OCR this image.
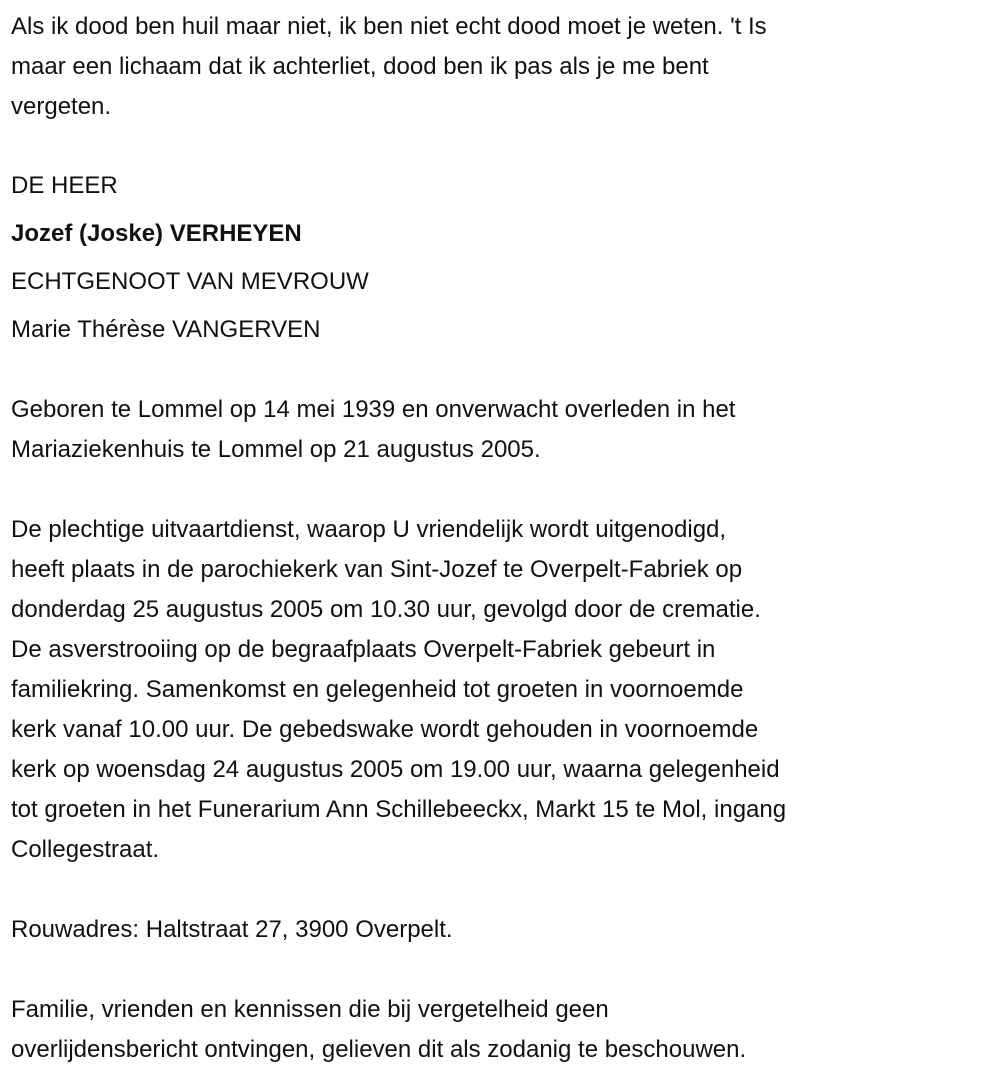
Als ik dood ben huil maar niet, ik ben niet echt dood moet je weten. 't Is
maar een lichaam dat ik achterliet, dood ben ik pas als je me bent
vergeten.
DE HEER
Jozef (Joske) VERHEYEN
ECHTGENOOT VAN MEVROUW
Marie Thérèse VANGERVEN
Geboren te Lommel op 14 mei 1939 en onverwacht overleden in het
Mariaziekenhuis te Lommel op 21 augustus 2005.
De plechtige uitvaartdienst, waarop U vriendelijk wordt uitgenodigd,
heeft plaats in de parochiekerk van Sint-Jozef te Overpelt-Fabriek op
donderdag 25 augustus 2005 om 10.30 uur, gevolgd door de crematie.
De asverstrooiing op de begraafplaats Overpelt-Fabriek gebeurt in
familiekring. Samenkomst en gelegenheid tot groeten in voornoemde
kerk vanaf 10.00 uur. De gebedswake wordt gehouden in voornoemde
kerk op woensdag 24 augustus 2005 om 19.00 uur, waarna gelegenheid
tot groeten in het Funerarium Ann Schillebeeckx, Markt 15 te Mol, ingang
Collegestraat.
Rouwadres: Haltstraat 27, 3900 Overpelt.
Familie, vrienden en kennissen die bij vergetelheid geen
overlijdensbericht ontvingen, gelieven dit als zodanig te beschouwen.
